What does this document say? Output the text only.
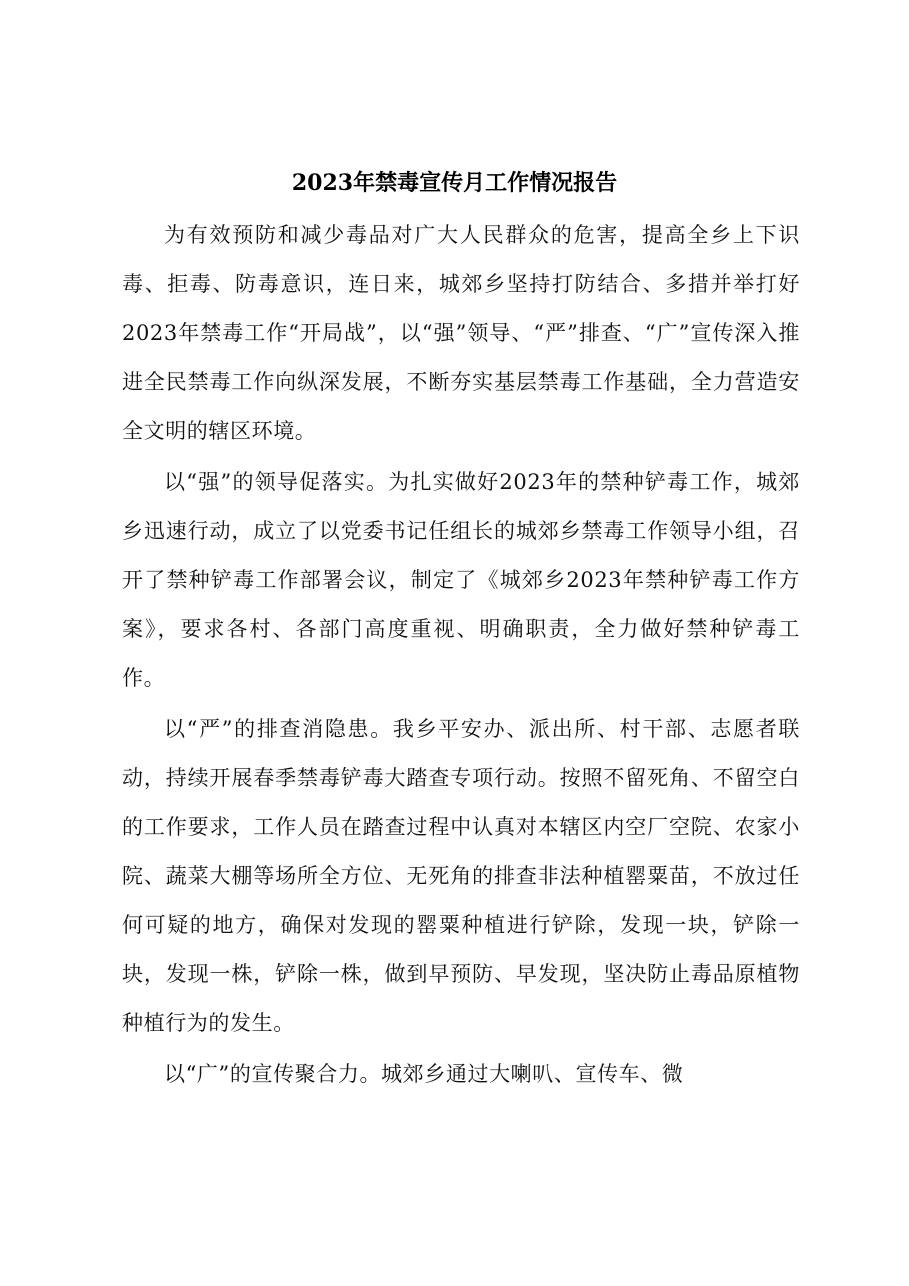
2023年禁毒宣传月工作情况报告

为有效预防和减少毒品对广大人民群众的危害，提高全乡上下识毒、拒毒、防毒意识，连日来，城郊乡坚持打防结合、多措并举打好2023年禁毒工作“开局战”，以“强”领导、“严”排查、“广”宣传深入推进全民禁毒工作向纵深发展，不断夯实基层禁毒工作基础，全力营造安全文明的辖区环境。

以“强”的领导促落实。为扎实做好2023年的禁种铲毒工作，城郊乡迅速行动，成立了以党委书记任组长的城郊乡禁毒工作领导小组，召开了禁种铲毒工作部署会议，制定了《城郊乡2023年禁种铲毒工作方案》，要求各村、各部门高度重视、明确职责，全力做好禁种铲毒工作。

以“严”的排查消隐患。我乡平安办、派出所、村干部、志愿者联动，持续开展春季禁毒铲毒大踏查专项行动。按照不留死角、不留空白的工作要求，工作人员在踏查过程中认真对本辖区内空厂空院、农家小院、蔬菜大棚等场所全方位、无死角的排查非法种植罂粟苗，不放过任何可疑的地方，确保对发现的罂粟种植进行铲除，发现一块，铲除一块，发现一株，铲除一株，做到早预防、早发现，坚决防止毒品原植物种植行为的发生。

以“广”的宣传聚合力。城郊乡通过大喇叭、宣传车、微
